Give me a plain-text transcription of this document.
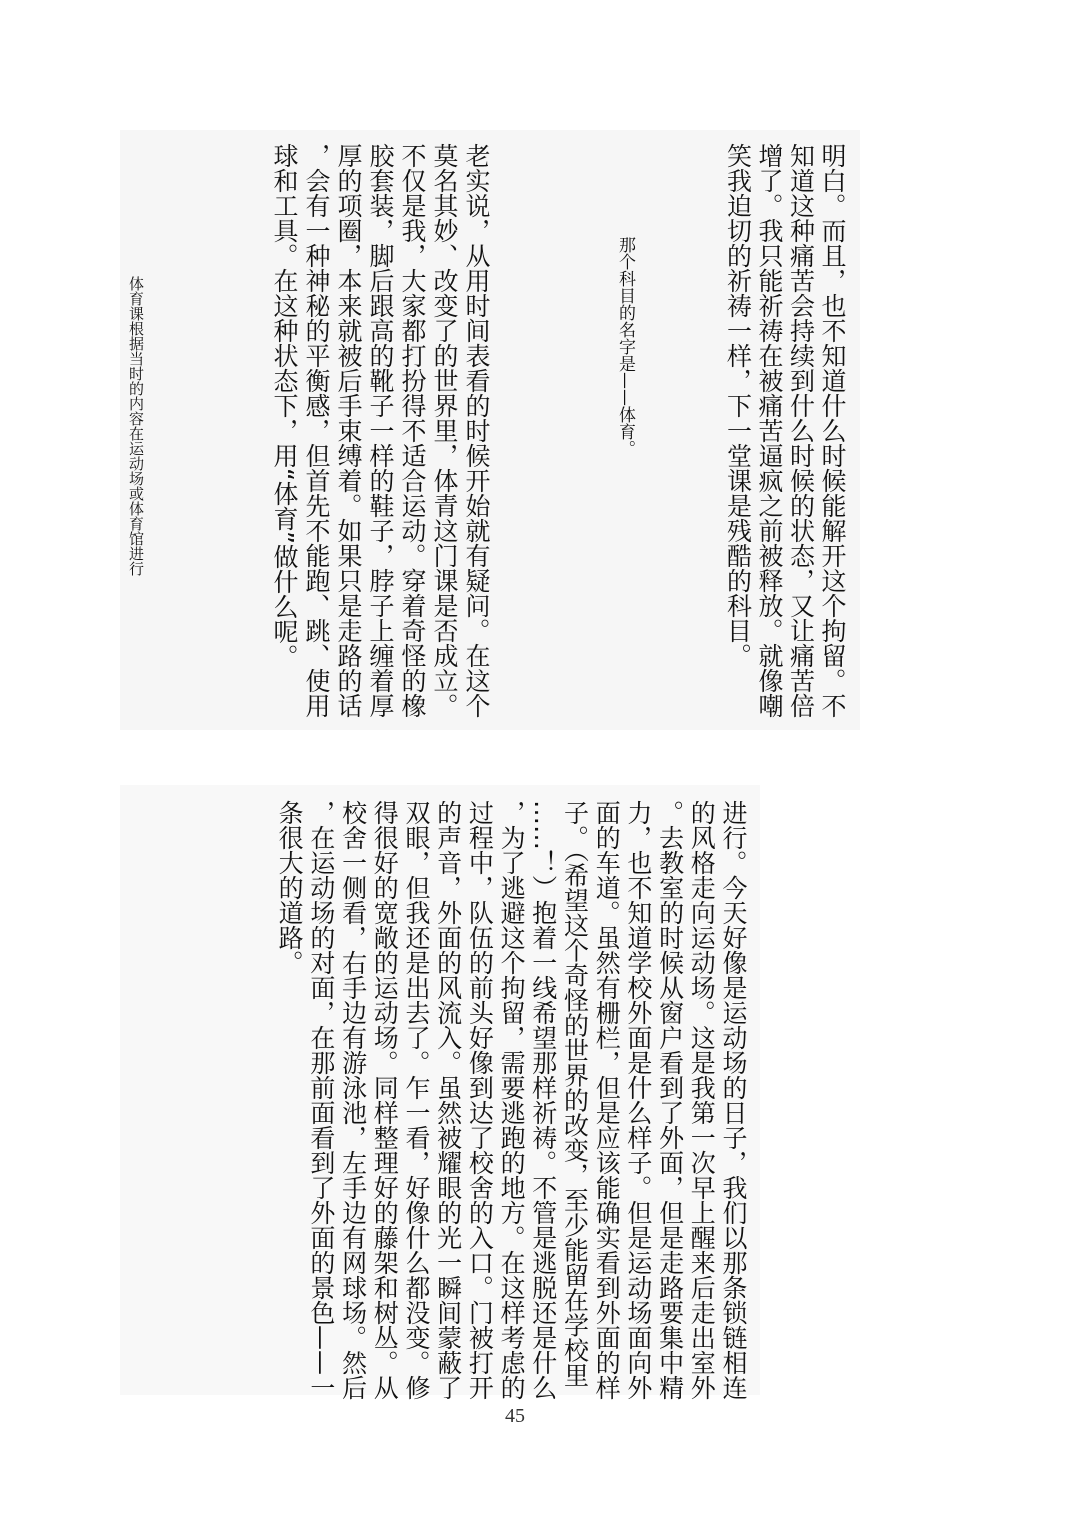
明白。而且，也不知道什么时候能解开这个拘留。不
知道这种痛苦会持续到什么时候的状态，又让痛苦倍
增了。我只能祈祷在被痛苦逼疯之前被释放。就像嘲
笑我迫切的祈祷一样，下一堂课是残酷的科目。
那个科目的名字是——体育。
老实说，从用时间表看的时候开始就有疑问。在这个
莫名其妙、改变了的世界里，体青这门课是否成立。
不仅是我，大家都打扮得不适合运动。穿着奇怪的橡
胶套装，脚后跟高的靴子一样的鞋子，脖子上缠着厚
厚的项圈，本来就被后手束缚着。如果只是走路的话
，会有一种神秘的平衡感，但首先不能跑、跳、使用
球和工具。在这种状态下，用“体育”做什么呢。
体育课根据当时的内容在运动场或体育馆进行
进行。今天好像是运动场的日子，我们以那条锁链相连
的风格走向运动场。这是我第一次早上醒来后走出室外
。去教室的时候从窗户看到了外面，但是走路要集中精
力，也不知道学校外面是什么样子。但是运动场面向外
面的车道。虽然有栅栏，但是应该能确实看到外面的样
子。（希望这个奇怪的世界的改变，至少能留在学校里
……！）抱着一线希望那样祈祷。不管是逃脱还是什么
，为了逃避这个拘留，需要逃跑的地方。在这样考虑的
过程中，队伍的前头好像到达了校舍的入口。门被打开
的声音，外面的风流入。虽然被耀眼的光一瞬间蒙蔽了
双眼，但我还是出去了。乍一看，好像什么都没变。修
得很好的宽敞的运动场。同样整理好的藤架和树丛。从
校舍一侧看，右手边有游泳池，左手边有网球场。然后
，在运动场的对面，在那前面看到了外面的景色——一
条很大的道路。
45
